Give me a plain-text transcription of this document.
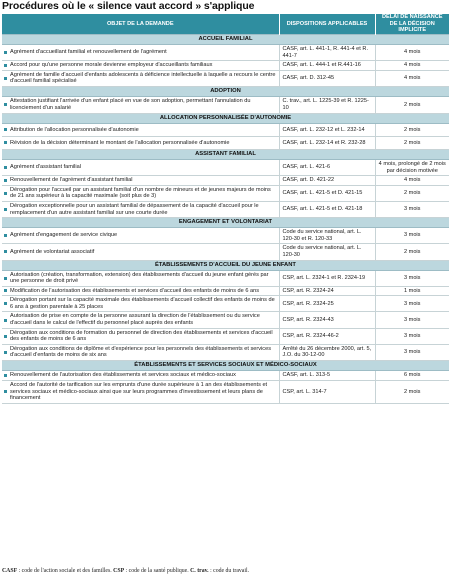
Procédures où le « silence vaut accord » s'applique
OBJET DE LA DEMANDE	DISPOSITIONS APPLICABLES	DÉLAI DE NAISSANCE DE LA DÉCISION IMPLICITE
ACCUEIL FAMILIAL		

Agrément d'accueillant familial et renouvellement de l'agrément	CASF, art. L. 441-1, R. 441-4 et R. 441-7	4 mois

Accord pour qu'une personne morale devienne employeur d'accueillants familiaux	CASF, art. L. 444-1 et R.441-16	4 mois

Agrément de famille d'accueil d'enfants adolescents à déficience intellectuelle à laquelle a recours le centre d'accueil familial spécialisé	CASF, art. D. 312-45	4 mois
ADOPTION		

Attestation justifiant l'arrivée d'un enfant placé en vue de son adoption, permettant l'annulation du licenciement d'un salarié	C. trav., art. L. 1225-39 et R. 1225-10	2 mois
ALLOCATION PERSONNALISÉE D'AUTONOMIE		

Attribution de l'allocation personnalisée d'autonomie	CASF, art. L. 232-12 et L. 232-14	2 mois

Révision de la décision déterminant le montant de l'allocation personnalisée d'autonomie	CASF, art. L. 232-14 et R. 232-28	2 mois
ASSISTANT FAMILIAL		

Agrément d'assistant familial	CASF, art. L. 421-6	4 mois, prolongé de 2 mois par décision motivée

Renouvellement de l'agrément d'assistant familial	CASF, art. D. 421-22	4 mois

Dérogation pour l'accueil par un assistant familial d'un nombre de mineurs et de jeunes majeurs de moins de 21 ans supérieur à la capacité maximale (soit plus de 3)	CASF, art. L. 421-5 et D. 421-15	2 mois

Dérogation exceptionnelle pour un assistant familial de dépassement de la capacité d'accueil pour le remplacement d'un autre assistant familial sur une courte durée	CASF, art. L. 421-5 et D. 421-18	3 mois
ENGAGEMENT ET VOLONTARIAT		

Agrément d'engagement de service civique	Code du service national, art. L. 120-30 et R. 120-33	3 mois

Agrément de volontariat associatif	Code du service national, art. L. 120-30	2 mois
ÉTABLISSEMENTS D'ACCUEIL DU JEUNE ENFANT		

Autorisation (création, transformation, extension) des établissements d'accueil du jeune enfant gérés par une personne de droit privé	CSP, art. L. 2324-1 et R. 2324-19	3 mois

Modification de l'autorisation des établissements et services d'accueil des enfants de moins de 6 ans	CSP, art. R. 2324-24	1 mois

Dérogation portant sur la capacité maximale des établissements d'accueil collectif des enfants de moins de 6 ans à gestion parentale à 25 places	CSP, art. R. 2324-25	3 mois

Autorisation de prise en compte de la personne assurant la direction de l'établissement ou du service d'accueil dans le calcul de l'effectif du personnel placé auprès des enfants	CSP, art. R. 2324-43	3 mois

Dérogation aux conditions de formation du personnel de direction des établissements et services d'accueil des enfants de moins de 6 ans	CSP, art. R. 2324-46-2	3 mois

Dérogation aux conditions de diplôme et d'expérience pour les personnels des établissements et services d'accueil d'enfants de moins de six ans	Arrêté du 26 décembre 2000, art. 5, J.O. du 30-12-00	3 mois
ÉTABLISSEMENTS ET SERVICES SOCIAUX ET MÉDICO-SOCIAUX		

Renouvellement de l'autorisation des établissements et services sociaux et médico-sociaux	CASF, art. L. 313-5	6 mois

Accord de l'autorité de tarification sur les emprunts d'une durée supérieure à 1 an des établissements et services sociaux et médico-sociaux ainsi que sur leurs programmes d'investissement et leurs plans de financement	CSP, art. L. 314-7	2 mois
CASF : code de l'action sociale et des familles. CSP : code de la santé publique. C. trav. : code du travail.
